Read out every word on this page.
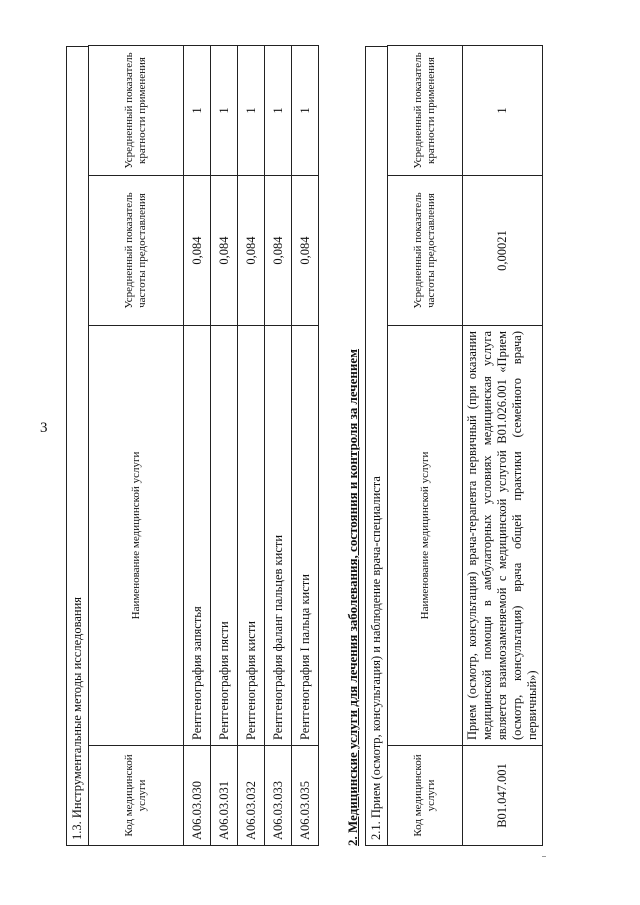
3
1.3. Инструментальные методы исследования	Код медицинской услуги	Наименование медицинской услуги	Усредненный показатель частоты предоставления	Усредненный показатель кратности применения
A06.03.030	Рентгенография запястья	0,084	1
A06.03.031	Рентгенография пясти	0,084	1
A06.03.032	Рентгенография кисти	0,084	1
A06.03.033	Рентгенография фаланг пальцев кисти	0,084	1
A06.03.035	Рентгенография I пальца кисти	0,084	1
2. Медицинские услуги для лечения заболевания, состояния и контроля за лечением 2.1. Прием (осмотр, консультация) и наблюдение врача-специалиста	Код медицинской услуги	Наименование медицинской услуги	Усредненный показатель частоты предоставления	Усредненный показатель кратности применения
B01.047.001	Прием (осмотр, консультация) врача-терапевта первичный (при оказании медицинской помощи в амбулаторных условиях медицинская услуга является взаимозаменяемой с медицинской услугой B01.026.001 «Прием (осмотр, консультация) врача общей практики (семейного врача) первичный»)	0,00021	1
